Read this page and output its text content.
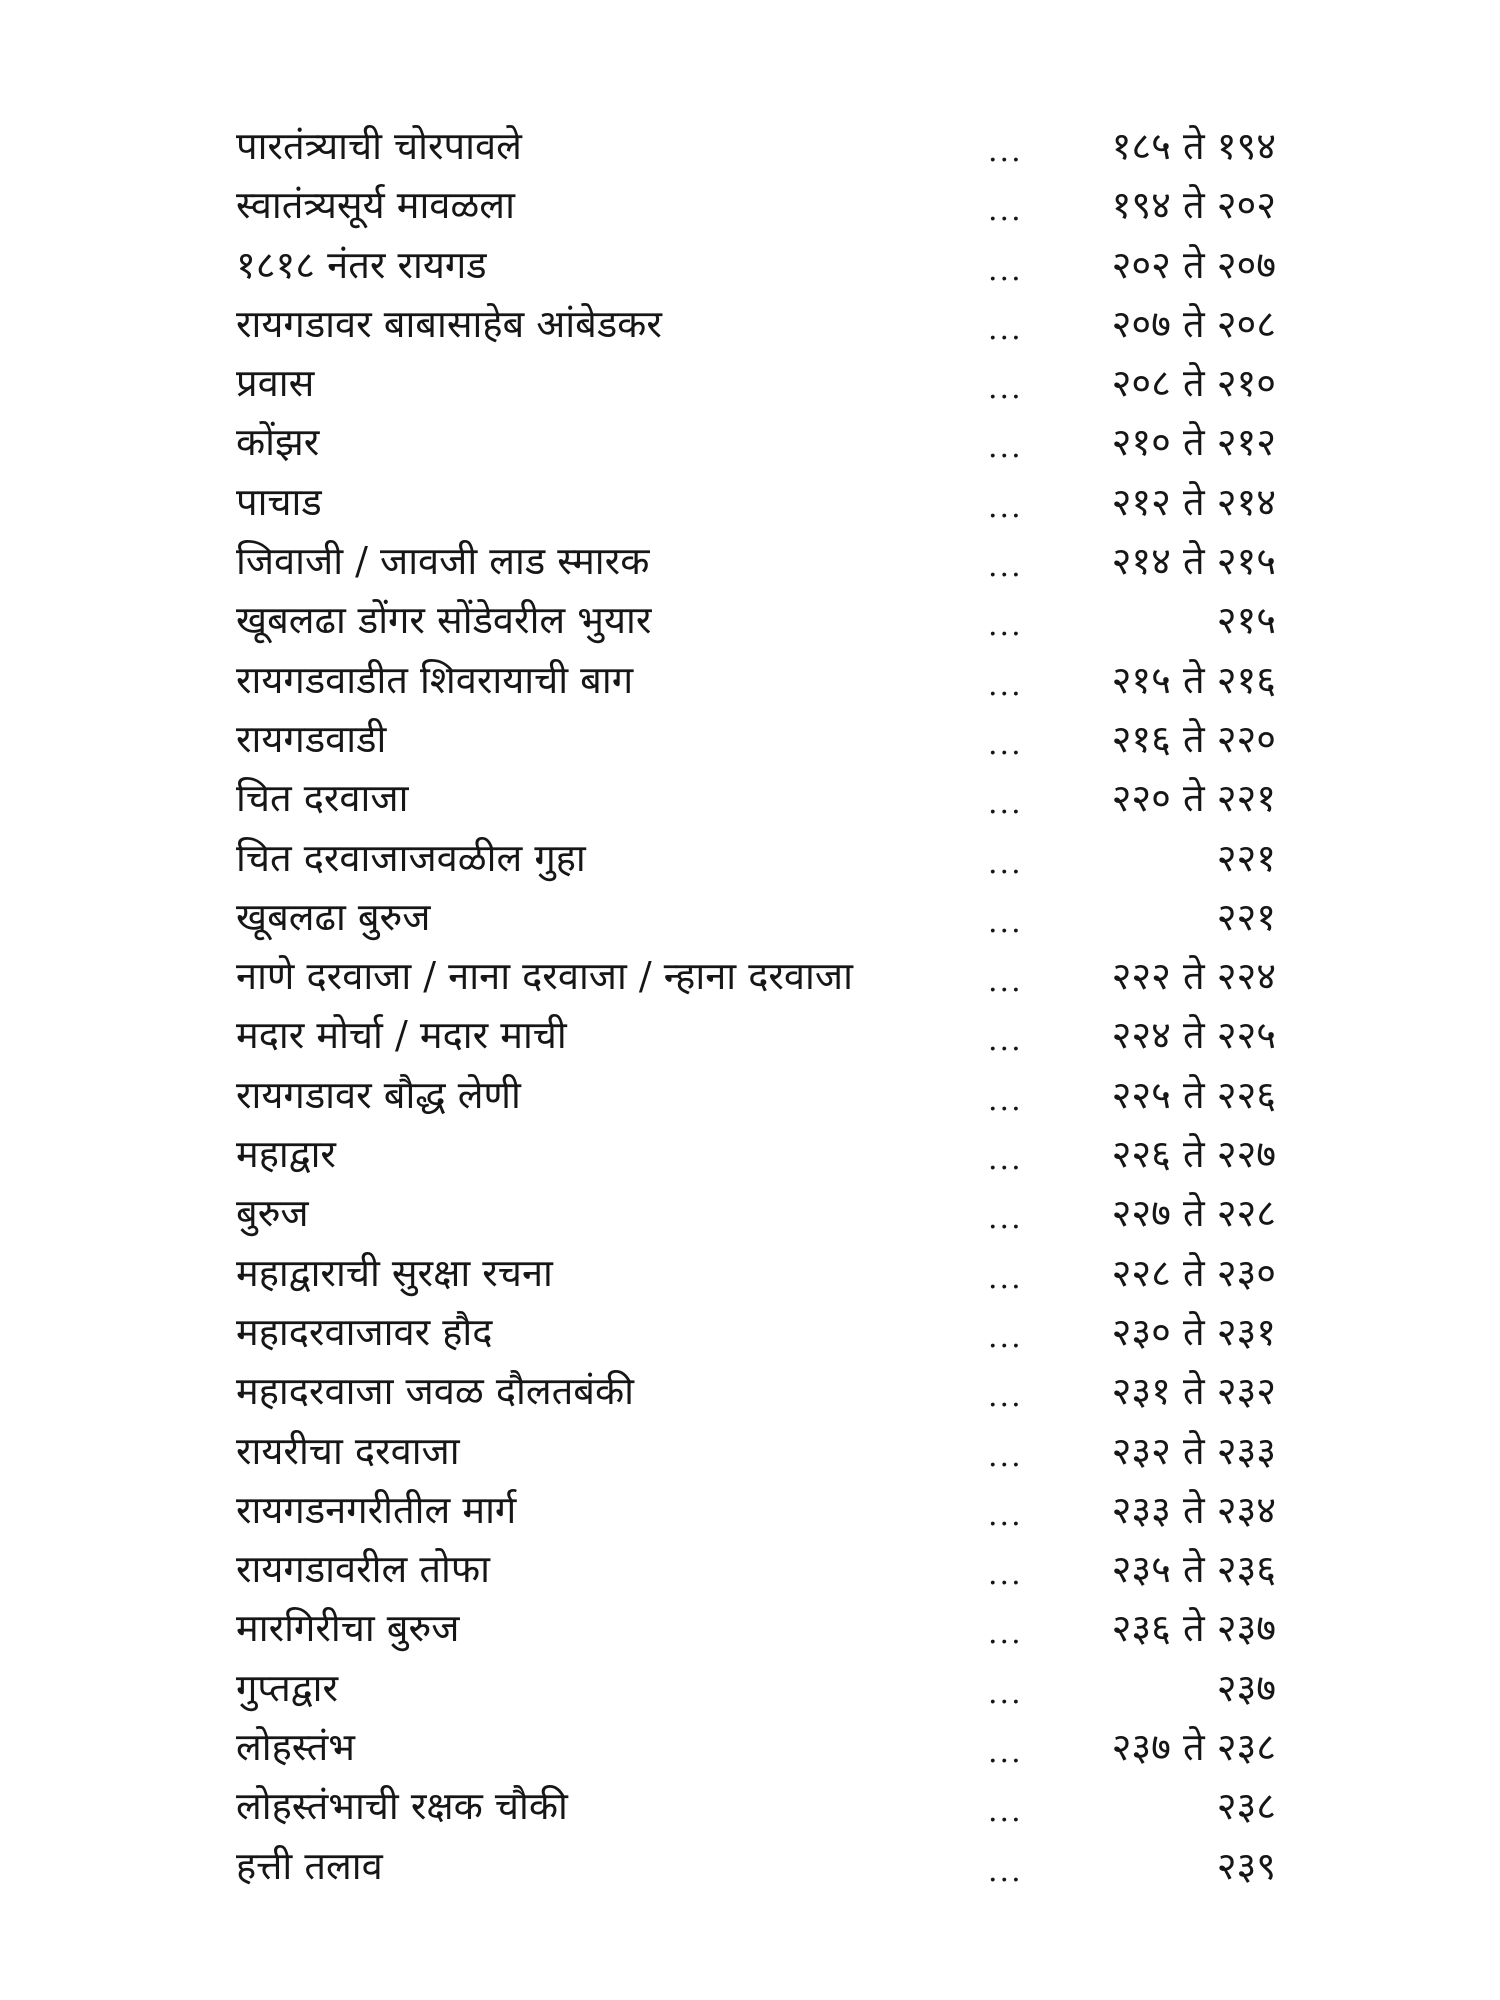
पारतंत्र्याची चोरपावले	... १८५ ते १९४
स्वातंत्र्यसूर्य मावळला	... १९४ ते २०२
१८१८ नंतर रायगड	... २०२ ते २०७
रायगडावर बाबासाहेब आंबेडकर	... २०७ ते २०८
प्रवास	... २०८ ते २१०
कोंझर	... २१० ते २१२
पाचाड	... २१२ ते २१४
जिवाजी / जावजी लाड स्मारक	... २१४ ते २१५
खूबलढा डोंगर सोंडेवरील भुयार	...	२१५
रायगडवाडीत शिवरायाची बाग	... २१५ ते २१६
रायगडवाडी	... २१६ ते २२०
चित दरवाजा	... २२० ते २२१
चित दरवाजाजवळील गुहा	...	२२१
खूबलढा बुरुज	...	२२१
नाणे दरवाजा / नाना दरवाजा / न्हाना दरवाजा	... २२२ ते २२४
मदार मोर्चा / मदार माची	... २२४ ते २२५
रायगडावर बौद्ध लेणी	... २२५ ते २२६
महाद्वार	... २२६ ते २२७
बुरुज	... २२७ ते २२८
महाद्वाराची सुरक्षा रचना	... २२८ ते २३०
महादरवाजावर हौद	... २३० ते २३१
महादरवाजा जवळ दौलतबंकी	... २३१ ते २३२
रायरीचा दरवाजा	... २३२ ते २३३
रायगडनगरीतील मार्ग	... २३३ ते २३४
रायगडावरील तोफा	... २३५ ते २३६
मारगिरीचा बुरुज	... २३६ ते २३७
गुप्तद्वार	...	२३७
लोहस्तंभ	... २३७ ते २३८
लोहस्तंभाची रक्षक चौकी	...	२३८
हत्ती तलाव	...	२३९
